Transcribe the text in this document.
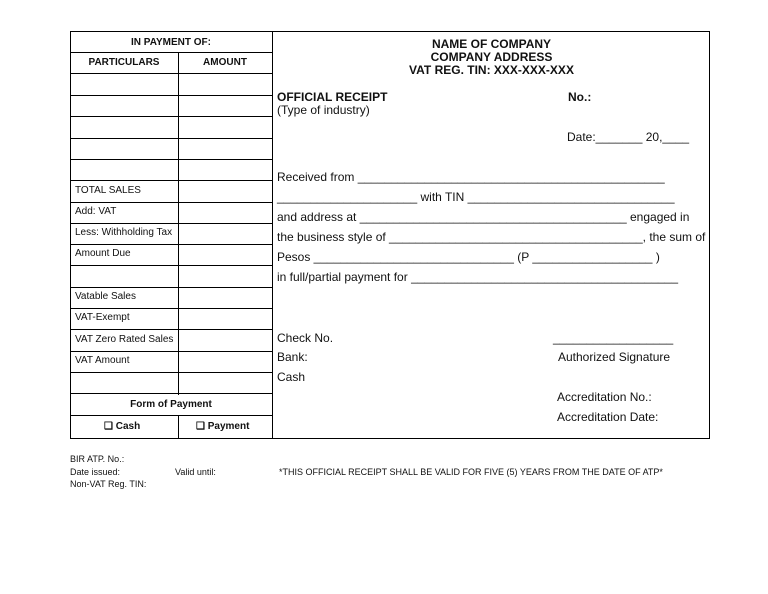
IN PAYMENT OF:
PARTICULARS	AMOUNT
TOTAL SALES
Add: VAT
Less: Withholding Tax
Amount Due
Vatable Sales
VAT-Exempt
VAT Zero Rated Sales
VAT Amount
Form of Payment
❑ Cash	❑ Payment
NAME OF COMPANY
COMPANY ADDRESS
VAT REG. TIN: XXX-XXX-XXX
OFFICIAL RECEIPT
(Type of industry)
No.:
Date:_______ 20,____
Received from ______________________________________________
_____________________ with TIN _______________________________
and address at ________________________________________ engaged in
the business style of ______________________________________, the sum of
Pesos ______________________________ (P __________________ )
in full/partial payment for ________________________________________
Check No.
Bank:
Cash
__________________
Authorized Signature
Accreditation No.:
Accreditation Date:
BIR ATP. No.:
Date issued:	Valid until:
Non-VAT Reg. TIN:
*THIS OFFICIAL RECEIPT SHALL BE VALID FOR FIVE (5) YEARS FROM THE DATE OF ATP*
